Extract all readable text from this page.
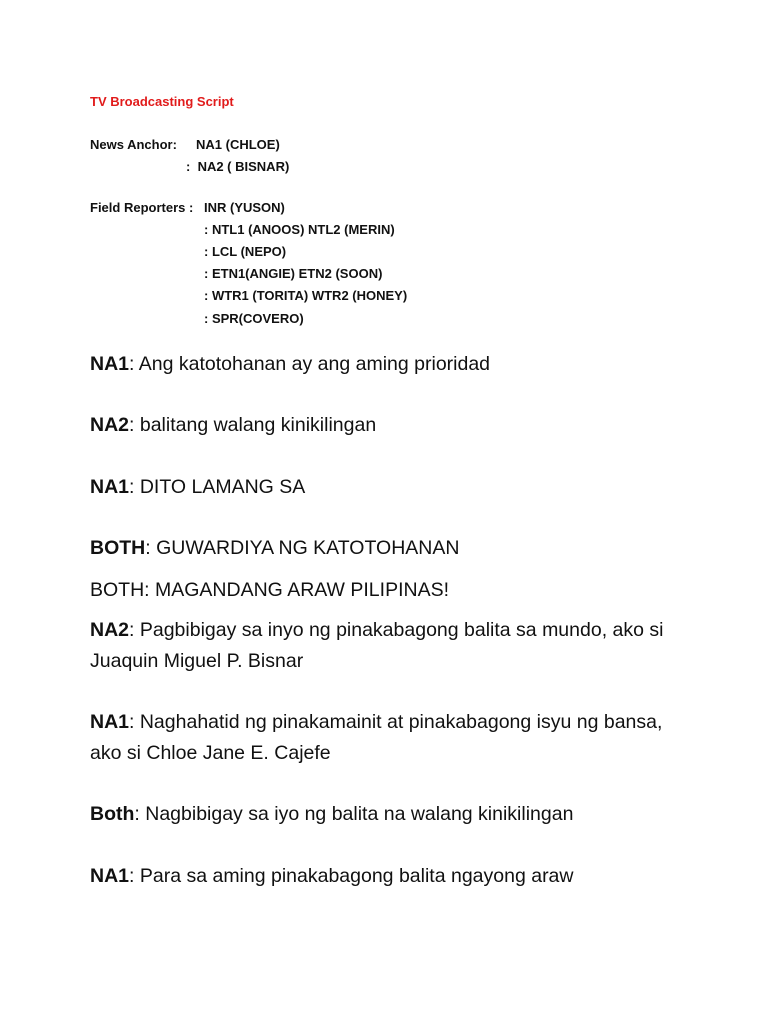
TV Broadcasting Script
News Anchor: NA1 (CHLOE)
:  NA2 ( BISNAR)
Field Reporters : INR (YUSON)
: NTL1 (ANOOS) NTL2 (MERIN)
: LCL (NEPO)
: ETN1(ANGIE) ETN2 (SOON)
: WTR1 (TORITA) WTR2 (HONEY)
: SPR(COVERO)
NA1: Ang katotohanan ay ang aming prioridad
NA2: balitang walang kinikilingan
NA1: DITO LAMANG SA
BOTH: GUWARDIYA NG KATOTOHANAN
BOTH: MAGANDANG ARAW PILIPINAS!
NA2: Pagbibigay sa inyo ng pinakabagong balita sa mundo, ako si Juaquin Miguel P. Bisnar
NA1: Naghahatid ng pinakamainit at pinakabagong isyu ng bansa, ako si Chloe Jane E. Cajefe
Both: Nagbibigay sa iyo ng balita na walang kinikilingan
NA1: Para sa aming pinakabagong balita ngayong araw
